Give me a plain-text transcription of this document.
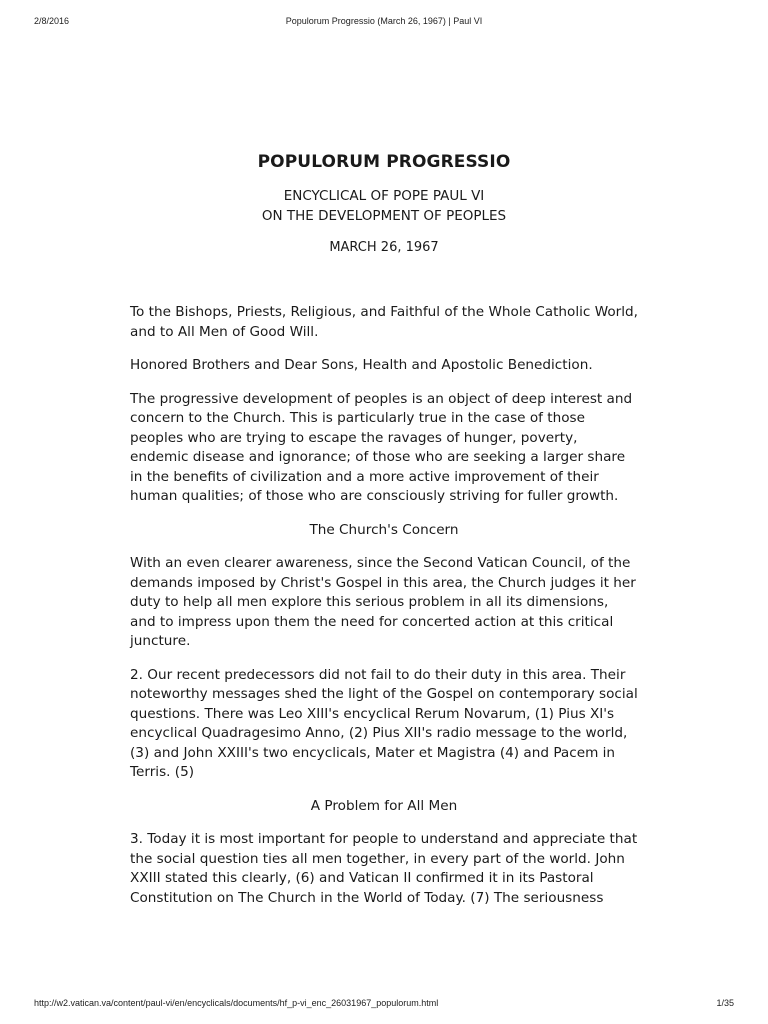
2/8/2016	Populorum Progressio (March 26, 1967) | Paul VI
POPULORUM PROGRESSIO
ENCYCLICAL OF POPE PAUL VI
ON THE DEVELOPMENT OF PEOPLES

MARCH 26, 1967

To the Bishops, Priests, Religious, and Faithful of the Whole Catholic World, and to All Men of Good Will.

Honored Brothers and Dear Sons, Health and Apostolic Benediction.

The progressive development of peoples is an object of deep interest and concern to the Church. This is particularly true in the case of those peoples who are trying to escape the ravages of hunger, poverty, endemic disease and ignorance; of those who are seeking a larger share in the benefits of civilization and a more active improvement of their human qualities; of those who are consciously striving for fuller growth.

The Church's Concern

With an even clearer awareness, since the Second Vatican Council, of the demands imposed by Christ's Gospel in this area, the Church judges it her duty to help all men explore this serious problem in all its dimensions, and to impress upon them the need for concerted action at this critical juncture.

2. Our recent predecessors did not fail to do their duty in this area. Their noteworthy messages shed the light of the Gospel on contemporary social questions. There was Leo XIII's encyclical Rerum Novarum, (1) Pius XI's encyclical Quadragesimo Anno, (2) Pius XII's radio message to the world, (3) and John XXIII's two encyclicals, Mater et Magistra (4) and Pacem in Terris. (5)

A Problem for All Men

3. Today it is most important for people to understand and appreciate that the social question ties all men together, in every part of the world. John XXIII stated this clearly, (6) and Vatican II confirmed it in its Pastoral Constitution on The Church in the World of Today. (7) The seriousness

http://w2.vatican.va/content/paul-vi/en/encyclicals/documents/hf_p-vi_enc_26031967_populorum.html	1/35
